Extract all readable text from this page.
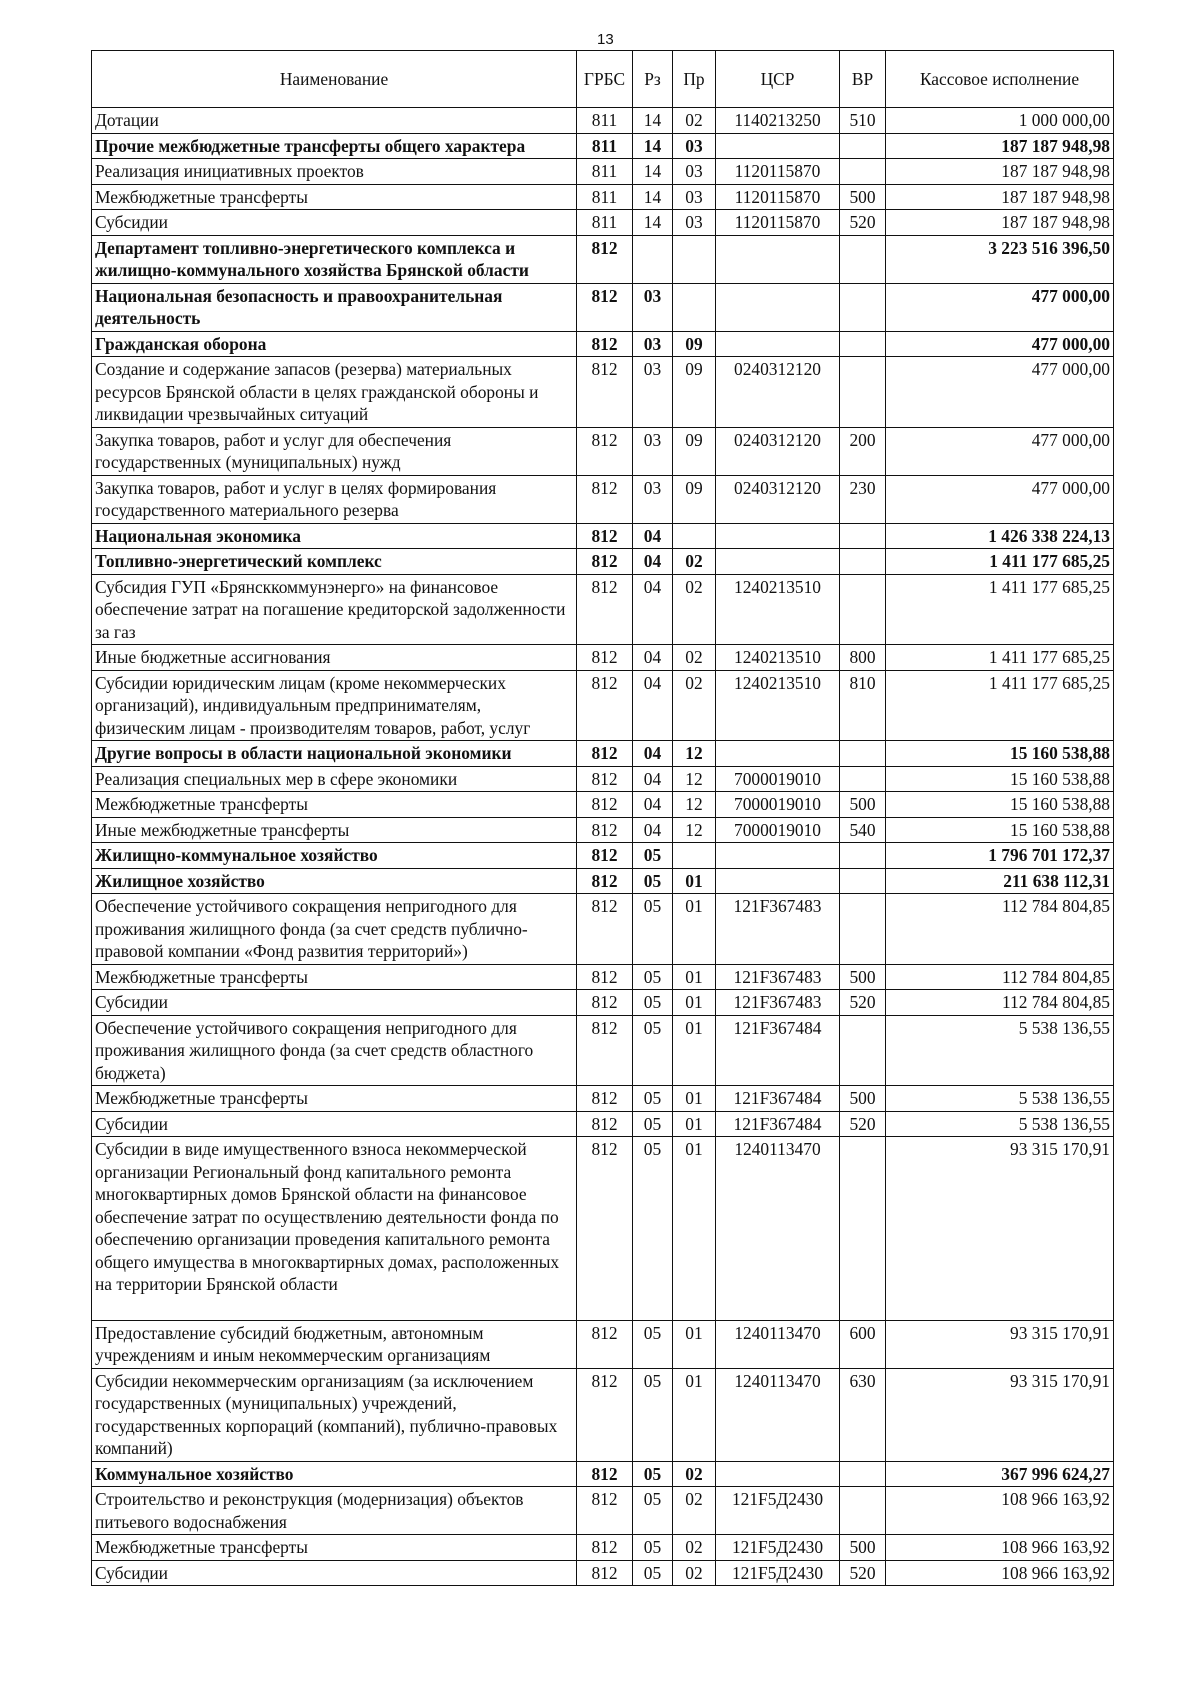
13
Наименование	ГРБС	Рз	Пр	ЦСР	ВР	Кассовое исполнение
Дотации	811	14	02	1140213250	510	1 000 000,00
Прочие межбюджетные трансферты общего характера	811	14	03			187 187 948,98
Реализация инициативных проектов	811	14	03	1120115870		187 187 948,98
Межбюджетные трансферты	811	14	03	1120115870	500	187 187 948,98
Субсидии	811	14	03	1120115870	520	187 187 948,98
Департамент топливно-энергетического комплекса и жилищно-коммунального хозяйства Брянской области	812					3 223 516 396,50
Национальная безопасность и правоохранительная деятельность	812	03				477 000,00
Гражданская оборона	812	03	09			477 000,00
Создание и содержание запасов (резерва) материальных ресурсов Брянской области в целях гражданской обороны и ликвидации чрезвычайных ситуаций	812	03	09	0240312120		477 000,00
Закупка товаров, работ и услуг для обеспечения государственных (муниципальных) нужд	812	03	09	0240312120	200	477 000,00
Закупка товаров, работ и услуг в целях формирования государственного материального резерва	812	03	09	0240312120	230	477 000,00
Национальная экономика	812	04				1 426 338 224,13
Топливно-энергетический комплекс	812	04	02			1 411 177 685,25
Субсидия ГУП «Брянсккоммунэнерго» на финансовое обеспечение затрат на погашение кредиторской задолженности за газ	812	04	02	1240213510		1 411 177 685,25
Иные бюджетные ассигнования	812	04	02	1240213510	800	1 411 177 685,25
Субсидии юридическим лицам (кроме некоммерческих организаций), индивидуальным предпринимателям, физическим лицам - производителям товаров, работ, услуг	812	04	02	1240213510	810	1 411 177 685,25
Другие вопросы в области национальной экономики	812	04	12			15 160 538,88
Реализация специальных мер в сфере экономики	812	04	12	7000019010		15 160 538,88
Межбюджетные трансферты	812	04	12	7000019010	500	15 160 538,88
Иные межбюджетные трансферты	812	04	12	7000019010	540	15 160 538,88
Жилищно-коммунальное хозяйство	812	05				1 796 701 172,37
Жилищное хозяйство	812	05	01			211 638 112,31
Обеспечение устойчивого сокращения непригодного для проживания жилищного фонда (за счет средств публично-правовой компании «Фонд развития территорий»)	812	05	01	121F367483		112 784 804,85
Межбюджетные трансферты	812	05	01	121F367483	500	112 784 804,85
Субсидии	812	05	01	121F367483	520	112 784 804,85
Обеспечение устойчивого сокращения непригодного для проживания жилищного фонда (за счет средств областного бюджета)	812	05	01	121F367484		5 538 136,55
Межбюджетные трансферты	812	05	01	121F367484	500	5 538 136,55
Субсидии	812	05	01	121F367484	520	5 538 136,55
Субсидии в виде имущественного взноса некоммерческой организации Региональный фонд капитального ремонта многоквартирных домов Брянской области на финансовое обеспечение затрат по осуществлению деятельности фонда по обеспечению организации проведения капитального ремонта общего имущества в многоквартирных домах, расположенных на территории Брянской области	812	05	01	1240113470		93 315 170,91
Предоставление субсидий бюджетным, автономным учреждениям и иным некоммерческим организациям	812	05	01	1240113470	600	93 315 170,91
Субсидии некоммерческим организациям (за исключением государственных (муниципальных) учреждений, государственных корпораций (компаний), публично-правовых компаний)	812	05	01	1240113470	630	93 315 170,91
Коммунальное хозяйство	812	05	02			367 996 624,27
Строительство и реконструкция (модернизация) объектов питьевого водоснабжения	812	05	02	121F5Д2430		108 966 163,92
Межбюджетные трансферты	812	05	02	121F5Д2430	500	108 966 163,92
Субсидии	812	05	02	121F5Д2430	520	108 966 163,92
